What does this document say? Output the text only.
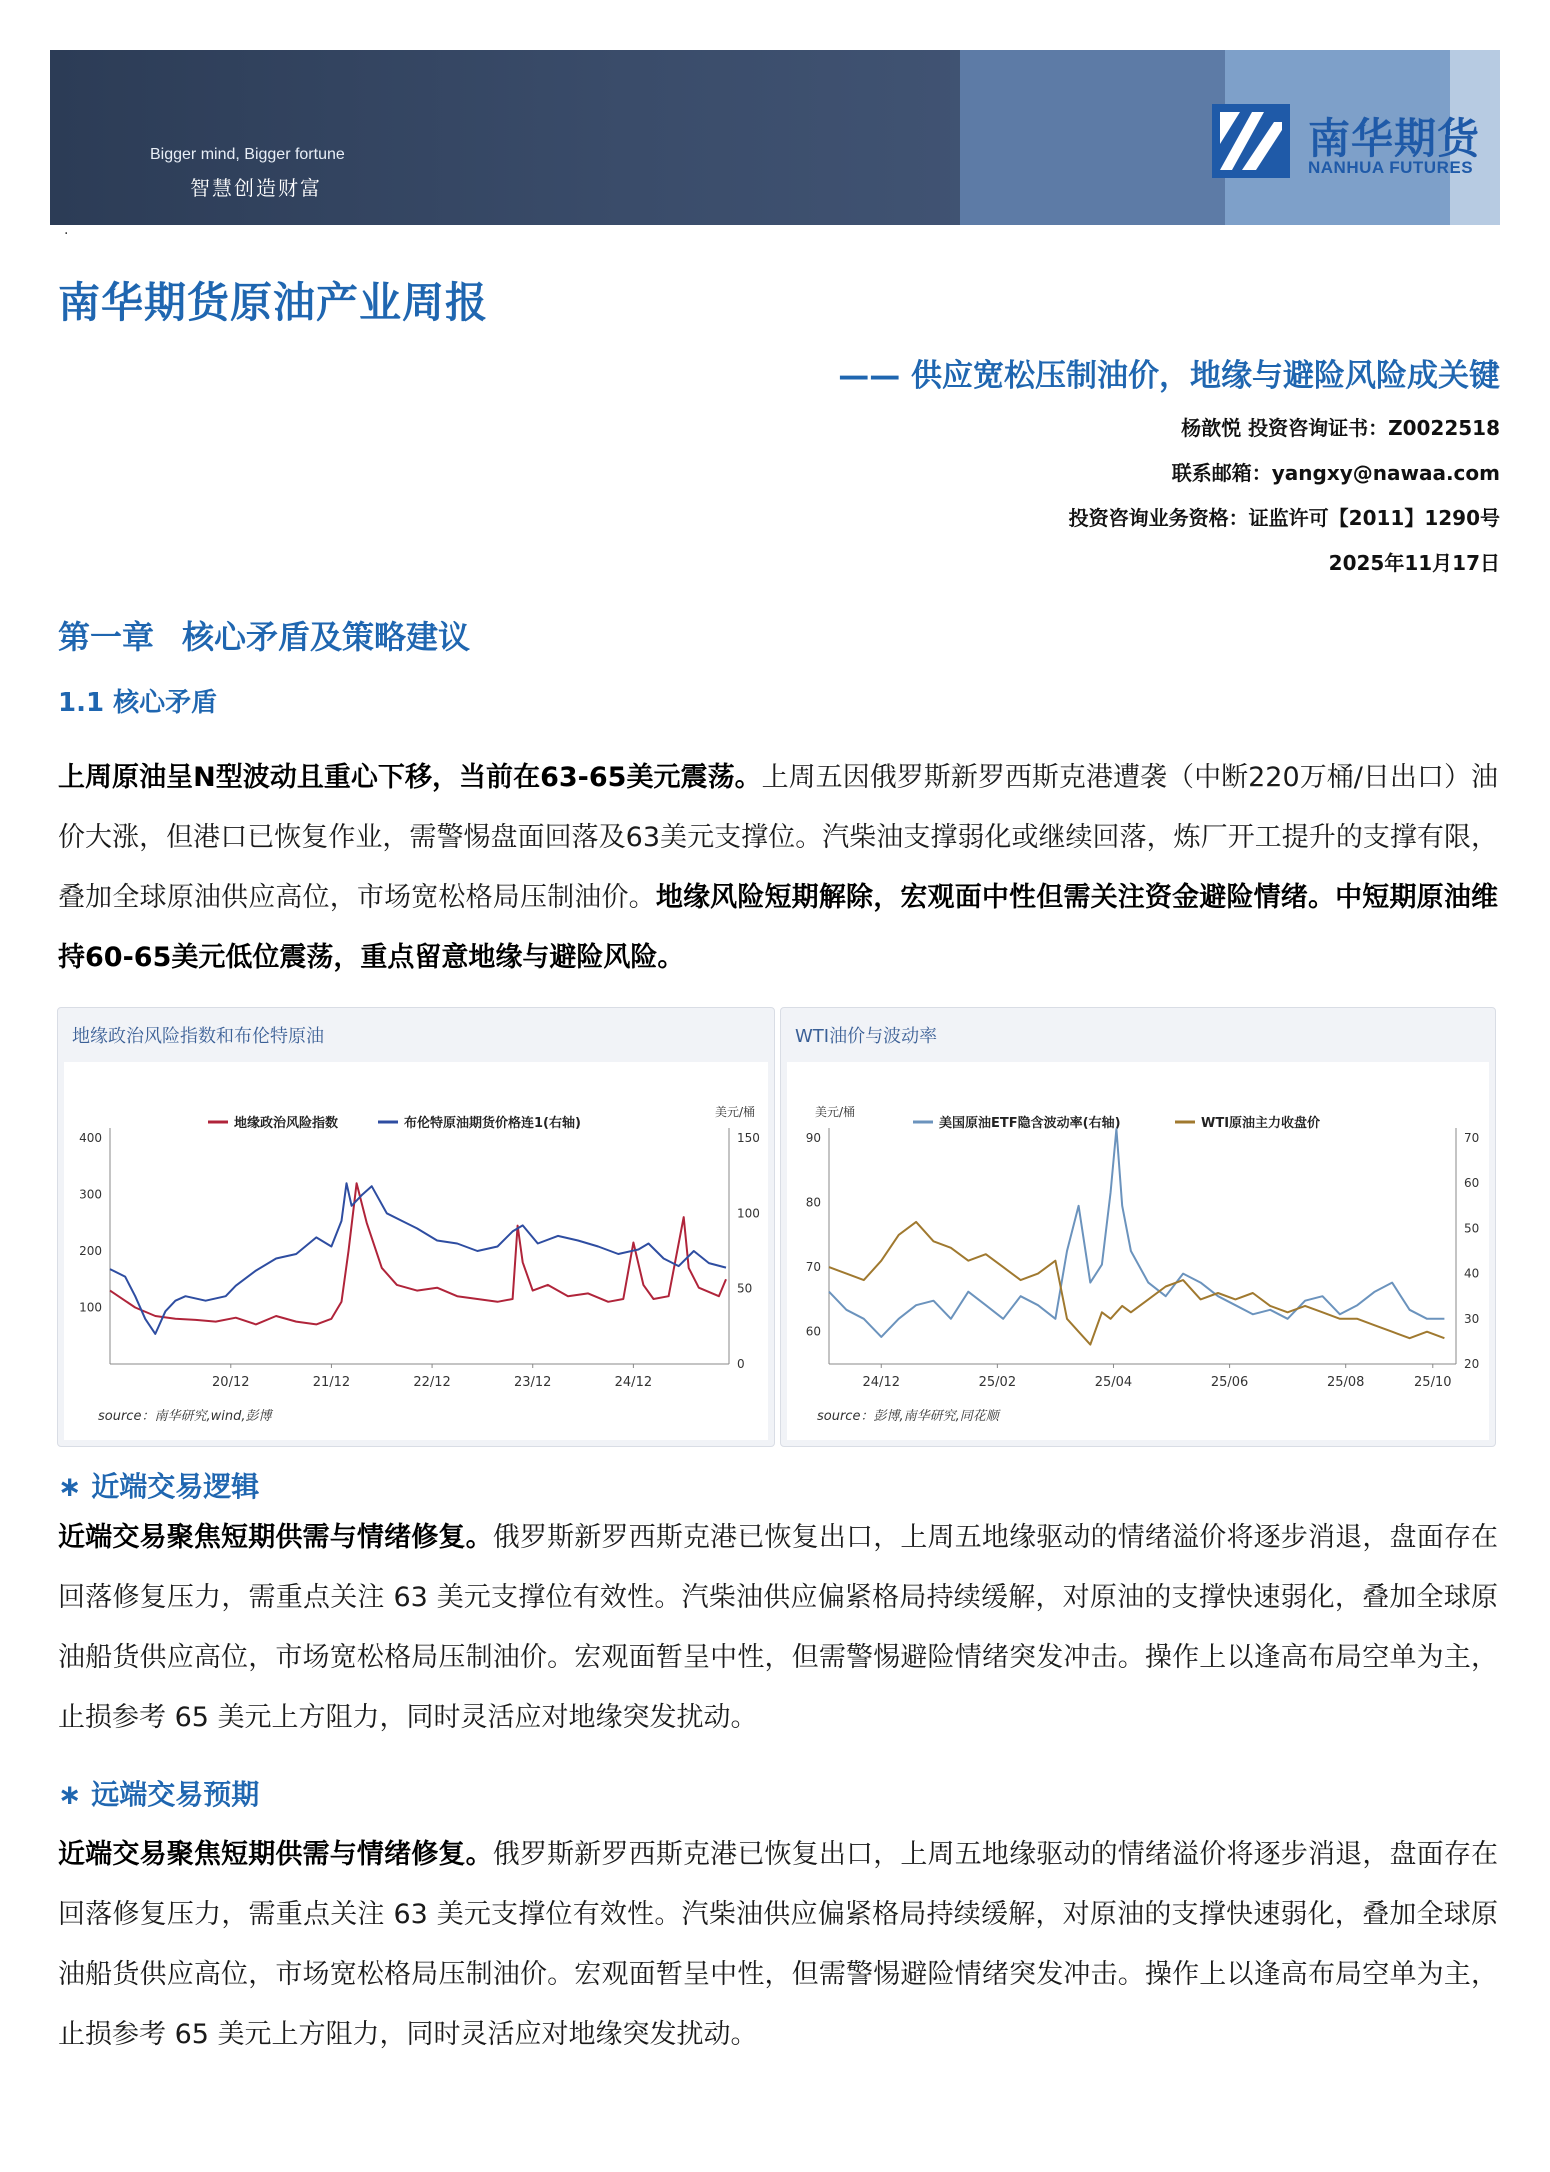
Bigger mind, Bigger fortune
智慧创造财富
南华期货
NANHUA FUTURES
·
南华期货原油产业周报
—— 供应宽松压制油价，地缘与避险风险成关键
杨歆悦 投资咨询证书：Z0022518
联系邮箱：yangxy@nawaa.com
投资咨询业务资格：证监许可【2011】1290号
2025年11月17日
第一章 核心矛盾及策略建议
1.1 核心矛盾
上周原油呈N型波动且重心下移，当前在63-65美元震荡。上周五因俄罗斯新罗西斯克港遭袭（中断220万桶/日出口）油价大涨，但港口已恢复作业，需警惕盘面回落及63美元支撑位。汽柴油支撑弱化或继续回落，炼厂开工提升的支撑有限，叠加全球原油供应高位，市场宽松格局压制油价。地缘风险短期解除，宏观面中性但需关注资金避险情绪。中短期原油维持60-65美元低位震荡，重点留意地缘与避险风险。
地缘政治风险指数和布伦特原油
100
200
300
400
0
50
100
150
20/12	21/12	22/12	23/12	24/12
美元/桶
地缘政治风险指数	布伦特原油期货价格连1(右轴)
source：南华研究,wind,彭博
WTI油价与波动率
60
70
80
90
20
30
40
50
60
70
24/12	25/02	25/04	25/06	25/08	25/10
美元/桶
美国原油ETF隐含波动率(右轴)	WTI原油主力收盘价
source：彭博,南华研究,同花顺
∗ 近端交易逻辑
近端交易聚焦短期供需与情绪修复。俄罗斯新罗西斯克港已恢复出口，上周五地缘驱动的情绪溢价将逐步消退，盘面存在回落修复压力，需重点关注 63 美元支撑位有效性。汽柴油供应偏紧格局持续缓解，对原油的支撑快速弱化，叠加全球原油船货供应高位，市场宽松格局压制油价。宏观面暂呈中性，但需警惕避险情绪突发冲击。操作上以逢高布局空单为主，止损参考 65 美元上方阻力，同时灵活应对地缘突发扰动。
∗ 远端交易预期
近端交易聚焦短期供需与情绪修复。俄罗斯新罗西斯克港已恢复出口，上周五地缘驱动的情绪溢价将逐步消退，盘面存在回落修复压力，需重点关注 63 美元支撑位有效性。汽柴油供应偏紧格局持续缓解，对原油的支撑快速弱化，叠加全球原油船货供应高位，市场宽松格局压制油价。宏观面暂呈中性，但需警惕避险情绪突发冲击。操作上以逢高布局空单为主，止损参考 65 美元上方阻力，同时灵活应对地缘突发扰动。
